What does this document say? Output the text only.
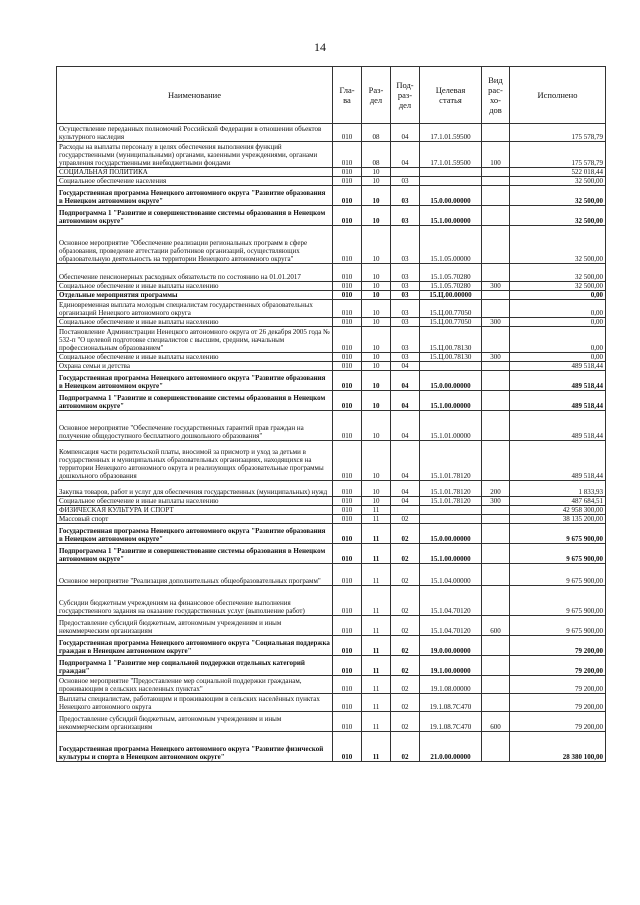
14
Наименование	Гла-
ва	Раз-
дел	Под-
раз-
дел	Целевая
статья	Вид
рас-
хо-
дов	Исполнено
Осуществление переданных полномочий Российской Федерации в отношении объектов культурного наследия	010	08	04	17.1.01.59500		175 578,79
Расходы на выплаты персоналу в целях обеспечения выполнения функций государственными (муниципальными) органами, казенными учреждениями, органами управления государственными внебюджетными фондами	010	08	04	17.1.01.59500	100	175 578,79
СОЦИАЛЬНАЯ ПОЛИТИКА	010	10				522 018,44
Социальное обеспечение населения	010	10	03			32 500,00
Государственная программа Ненецкого автономного округа "Развитие образования в Ненецком автономном округе"	010	10	03	15.0.00.00000		32 500,00
Подпрограмма 1 "Развитие и совершенствование системы образования в Ненецком автономном округе"	010	10	03	15.1.00.00000		32 500,00
Основное мероприятие "Обеспечение реализации региональных программ в сфере образования, проведение аттестации работников организаций, осуществляющих образовательную деятельность на территории Ненецкого автономного округа"	010	10	03	15.1.05.00000		32 500,00
Обеспечение пенсионерных расходных обязательств по состоянию на 01.01.2017	010	10	03	15.1.05.70280		32 500,00
Социальное обеспечение и иные выплаты населению	010	10	03	15.1.05.70280	300	32 500,00
Отдельные мероприятия программы	010	10	03	15.Ц.00.00000		0,00
Единовременная выплата молодым специалистам государственных образовательных организаций Ненецкого автономного округа	010	10	03	15.Ц.00.77050		0,00
Социальное обеспечение и иные выплаты населению	010	10	03	15.Ц.00.77050	300	0,00
Постановление Администрации Ненецкого автономного округа от 26 декабря 2005 года № 532-п "О целевой подготовке специалистов с высшим, средним, начальным профессиональным образованием"	010	10	03	15.Ц.00.78130		0,00
Социальное обеспечение и иные выплаты населению	010	10	03	15.Ц.00.78130	300	0,00
Охрана семьи и детства	010	10	04			489 518,44
Государственная программа Ненецкого автономного округа "Развитие образования в Ненецком автономном округе"	010	10	04	15.0.00.00000		489 518,44
Подпрограмма 1 "Развитие и совершенствование системы образования в Ненецком автономном округе"	010	10	04	15.1.00.00000		489 518,44
Основное мероприятие "Обеспечение государственных гарантий прав граждан на получение общедоступного бесплатного дошкольного образования"	010	10	04	15.1.01.00000		489 518,44
Компенсация части родительской платы, вносимой за присмотр и уход за детьми в государственных и муниципальных образовательных организациях, находящихся на территории Ненецкого автономного округа и реализующих образовательные программы дошкольного образования	010	10	04	15.1.01.78120		489 518,44
Закупка товаров, работ и услуг для обеспечения государственных (муниципальных) нужд	010	10	04	15.1.01.78120	200	1 833,93
Социальное обеспечение и иные выплаты населению	010	10	04	15.1.01.78120	300	487 684,51
ФИЗИЧЕСКАЯ КУЛЬТУРА И СПОРТ	010	11				42 958 300,00
Массовый спорт	010	11	02			38 135 200,00
Государственная программа Ненецкого автономного округа "Развитие образования в Ненецком автономном округе"	010	11	02	15.0.00.00000		9 675 900,00
Подпрограмма 1 "Развитие и совершенствование системы образования в Ненецком автономном округе"	010	11	02	15.1.00.00000		9 675 900,00
Основное мероприятие "Реализация дополнительных общеобразовательных программ"	010	11	02	15.1.04.00000		9 675 900,00
Субсидии бюджетным учреждениям на финансовое обеспечение выполнения государственного задания на оказание государственных услуг (выполнение работ)	010	11	02	15.1.04.70120		9 675 900,00
Предоставление субсидий бюджетным, автономным учреждениям и иным некоммерческим организациям	010	11	02	15.1.04.70120	600	9 675 900,00
Государственная программа Ненецкого автономного округа "Социальная поддержка граждан в Ненецком автономном округе"	010	11	02	19.0.00.00000		79 200,00
Подпрограмма 1 "Развитие мер социальной поддержки отдельных категорий граждан"	010	11	02	19.1.00.00000		79 200,00
Основное мероприятие "Предоставление мер социальной поддержки гражданам, проживающим в сельских населенных пунктах"	010	11	02	19.1.08.00000		79 200,00
Выплаты специалистам, работающим и проживающим в сельских населённых пунктах Ненецкого автономного округа	010	11	02	19.1.08.7С470		79 200,00
Предоставление субсидий бюджетным, автономным учреждениям и иным некоммерческим организациям	010	11	02	19.1.08.7С470	600	79 200,00
Государственная программа Ненецкого автономного округа "Развитие физической культуры и спорта в Ненецком автономном округе"	010	11	02	21.0.00.00000		28 380 100,00
